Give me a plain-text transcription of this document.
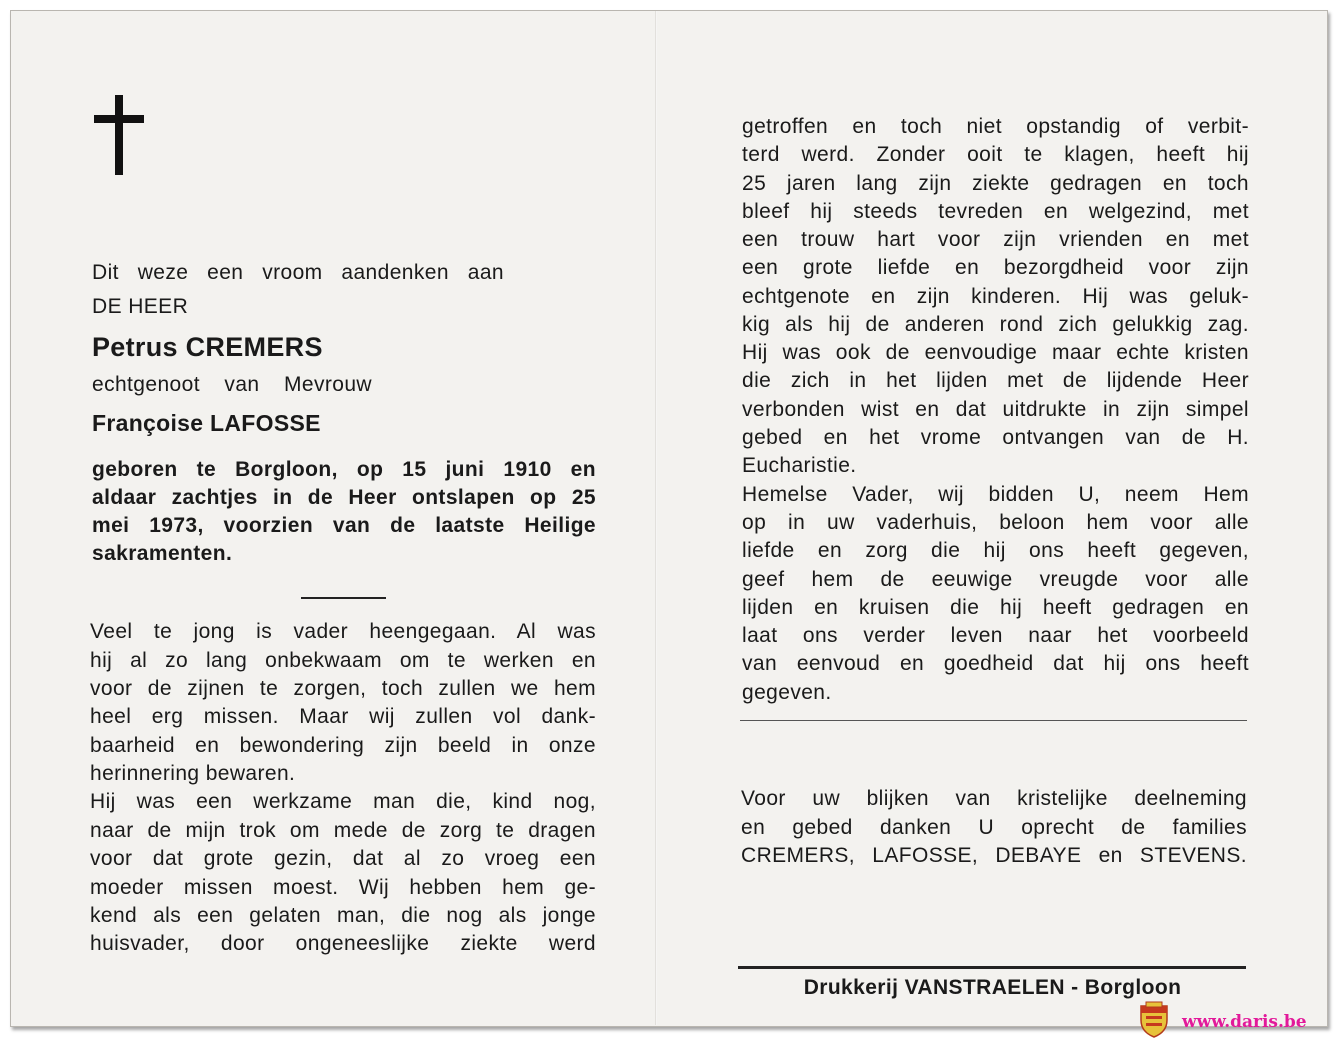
Dit weze een vroom aandenken aan
DE HEER
Petrus CREMERS
echtgenoot van Mevrouw
Françoise LAFOSSE
geboren te Borgloon, op 15 juni 1910 en
aldaar zachtjes in de Heer ontslapen op 25
mei 1973, voorzien van de laatste Heilige
sakramenten.
Veel te jong is vader heengegaan. Al was
hij al zo lang onbekwaam om te werken en
voor de zijnen te zorgen, toch zullen we hem
heel erg missen. Maar wij zullen vol dank-
baarheid en bewondering zijn beeld in onze
herinnering bewaren.
Hij was een werkzame man die, kind nog,
naar de mijn trok om mede de zorg te dragen
voor dat grote gezin, dat al zo vroeg een
moeder missen moest. Wij hebben hem ge-
kend als een gelaten man, die nog als jonge
huisvader, door ongeneeslijke ziekte werd
getroffen en toch niet opstandig of verbit-
terd werd. Zonder ooit te klagen, heeft hij
25 jaren lang zijn ziekte gedragen en toch
bleef hij steeds tevreden en welgezind, met
een trouw hart voor zijn vrienden en met
een grote liefde en bezorgdheid voor zijn
echtgenote en zijn kinderen. Hij was geluk-
kig als hij de anderen rond zich gelukkig zag.
Hij was ook de eenvoudige maar echte kristen
die zich in het lijden met de lijdende Heer
verbonden wist en dat uitdrukte in zijn simpel
gebed en het vrome ontvangen van de H.
Eucharistie.
Hemelse Vader, wij bidden U, neem Hem
op in uw vaderhuis, beloon hem voor alle
liefde en zorg die hij ons heeft gegeven,
geef hem de eeuwige vreugde voor alle
lijden en kruisen die hij heeft gedragen en
laat ons verder leven naar het voorbeeld
van eenvoud en goedheid dat hij ons heeft
gegeven.
Voor uw blijken van kristelijke deelneming
en gebed danken U oprecht de families
CREMERS, LAFOSSE, DEBAYE en STEVENS.
Drukkerij VANSTRAELEN - Borgloon
www.daris.be
